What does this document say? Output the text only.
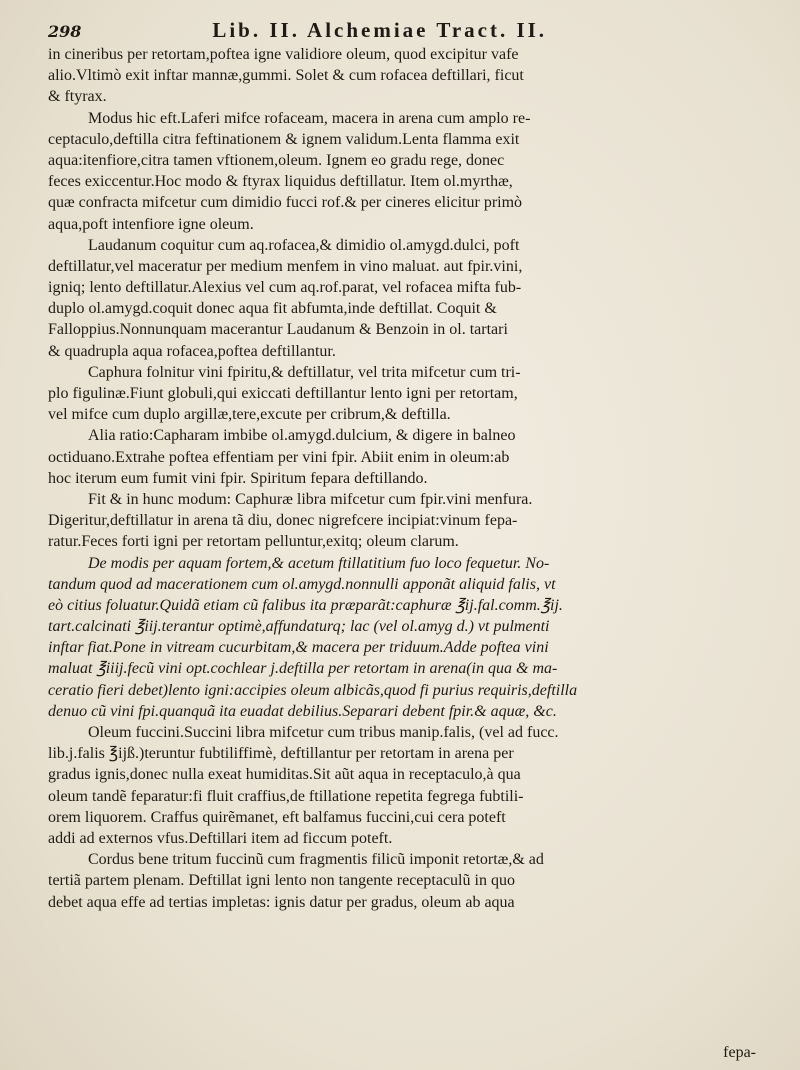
298	Lib. II. Alchemiae Tract. II.
in cineribus per retortam,poftea igne validiore oleum, quod excipitur vafe
alio.Vltimò exit inftar mannæ,gummi. Solet & cum rofacea deftillari, ficut
& ftyrax.
Modus hic eft.Laferi mifce rofaceam, macera in arena cum amplo re-
ceptaculo,deftilla citra feftinationem & ignem validum.Lenta flamma exit
aqua:itenfiore,citra tamen vftionem,oleum. Ignem eo gradu rege, donec
feces exiccentur.Hoc modo & ftyrax liquidus deftillatur. Item ol.myrthæ,
quæ confracta mifcetur cum dimidio fucci rof.& per cineres elicitur primò
aqua,poft intenfiore igne oleum.
Laudanum coquitur cum aq.rofacea,& dimidio ol.amygd.dulci, poft
deftillatur,vel maceratur per medium menfem in vino maluat. aut fpir.vini,
igniq; lento deftillatur.Alexius vel cum aq.rof.parat, vel rofacea mifta fub-
duplo ol.amygd.coquit donec aqua fit abfumta,inde deftillat. Coquit &
Falloppius.Nonnunquam macerantur Laudanum & Benzoin in ol. tartari
& quadrupla aqua rofacea,poftea deftillantur.
Caphura folnitur vini fpiritu,& deftillatur, vel trita mifcetur cum tri-
plo figulinæ.Fiunt globuli,qui exiccati deftillantur lento igni per retortam,
vel mifce cum duplo argillæ,tere,excute per cribrum,& deftilla.
Alia ratio:Capharam imbibe ol.amygd.dulcium, & digere in balneo
octiduano.Extrahe poftea effentiam per vini fpir. Abiit enim in oleum:ab
hoc iterum eum fumit vini fpir. Spiritum fepara deftillando.
Fit & in hunc modum: Caphuræ libra mifcetur cum fpir.vini menfura.
Digeritur,deftillatur in arena tã diu, donec nigrefcere incipiat:vinum fepa-
ratur.Feces forti igni per retortam pelluntur,exitq; oleum clarum.
De modis per aquam fortem,& acetum ftillatitium fuo loco fequetur. No-
tandum quod ad macerationem cum ol.amygd.nonnulli apponãt aliquid falis, vt
eò citius foluatur.Quidã etiam cũ falibus ita præparãt:caphuræ ℥ij.fal.comm.℥ij.
tart.calcinati ℥iij.terantur optimè,affundaturq; lac (vel ol.amyg d.) vt pulmenti
inftar fiat.Pone in vitream cucurbitam,& macera per triduum.Adde poftea vini
maluat ℥iiij.fecũ vini opt.cochlear j.deftilla per retortam in arena(in qua & ma-
ceratio fieri debet)lento igni:accipies oleum albicãs,quod fi purius requiris,deftilla
denuo cũ vini fpi.quanquã ita euadat debilius.Separari debent fpir.& aquæ, &c.
Oleum fuccini.Succini libra mifcetur cum tribus manip.falis, (vel ad fucc.
lib.j.falis ℥ijß.)teruntur fubtiliffimè, deftillantur per retortam in arena per
gradus ignis,donec nulla exeat humiditas.Sit aũt aqua in receptaculo,à qua
oleum tandẽ feparatur:fi fluit craffius,de ftillatione repetita fegrega fubtili-
orem liquorem. Craffus quirẽmanet, eft balfamus fuccini,cui cera poteft
addi ad externos vfus.Deftillari item ad ficcum poteft.
Cordus bene tritum fuccinũ cum fragmentis filicũ imponit retortæ,& ad
tertiã partem plenam. Deftillat igni lento non tangente receptaculũ in quo
debet aqua effe ad tertias impletas: ignis datur per gradus, oleum ab aqua
fepa-
